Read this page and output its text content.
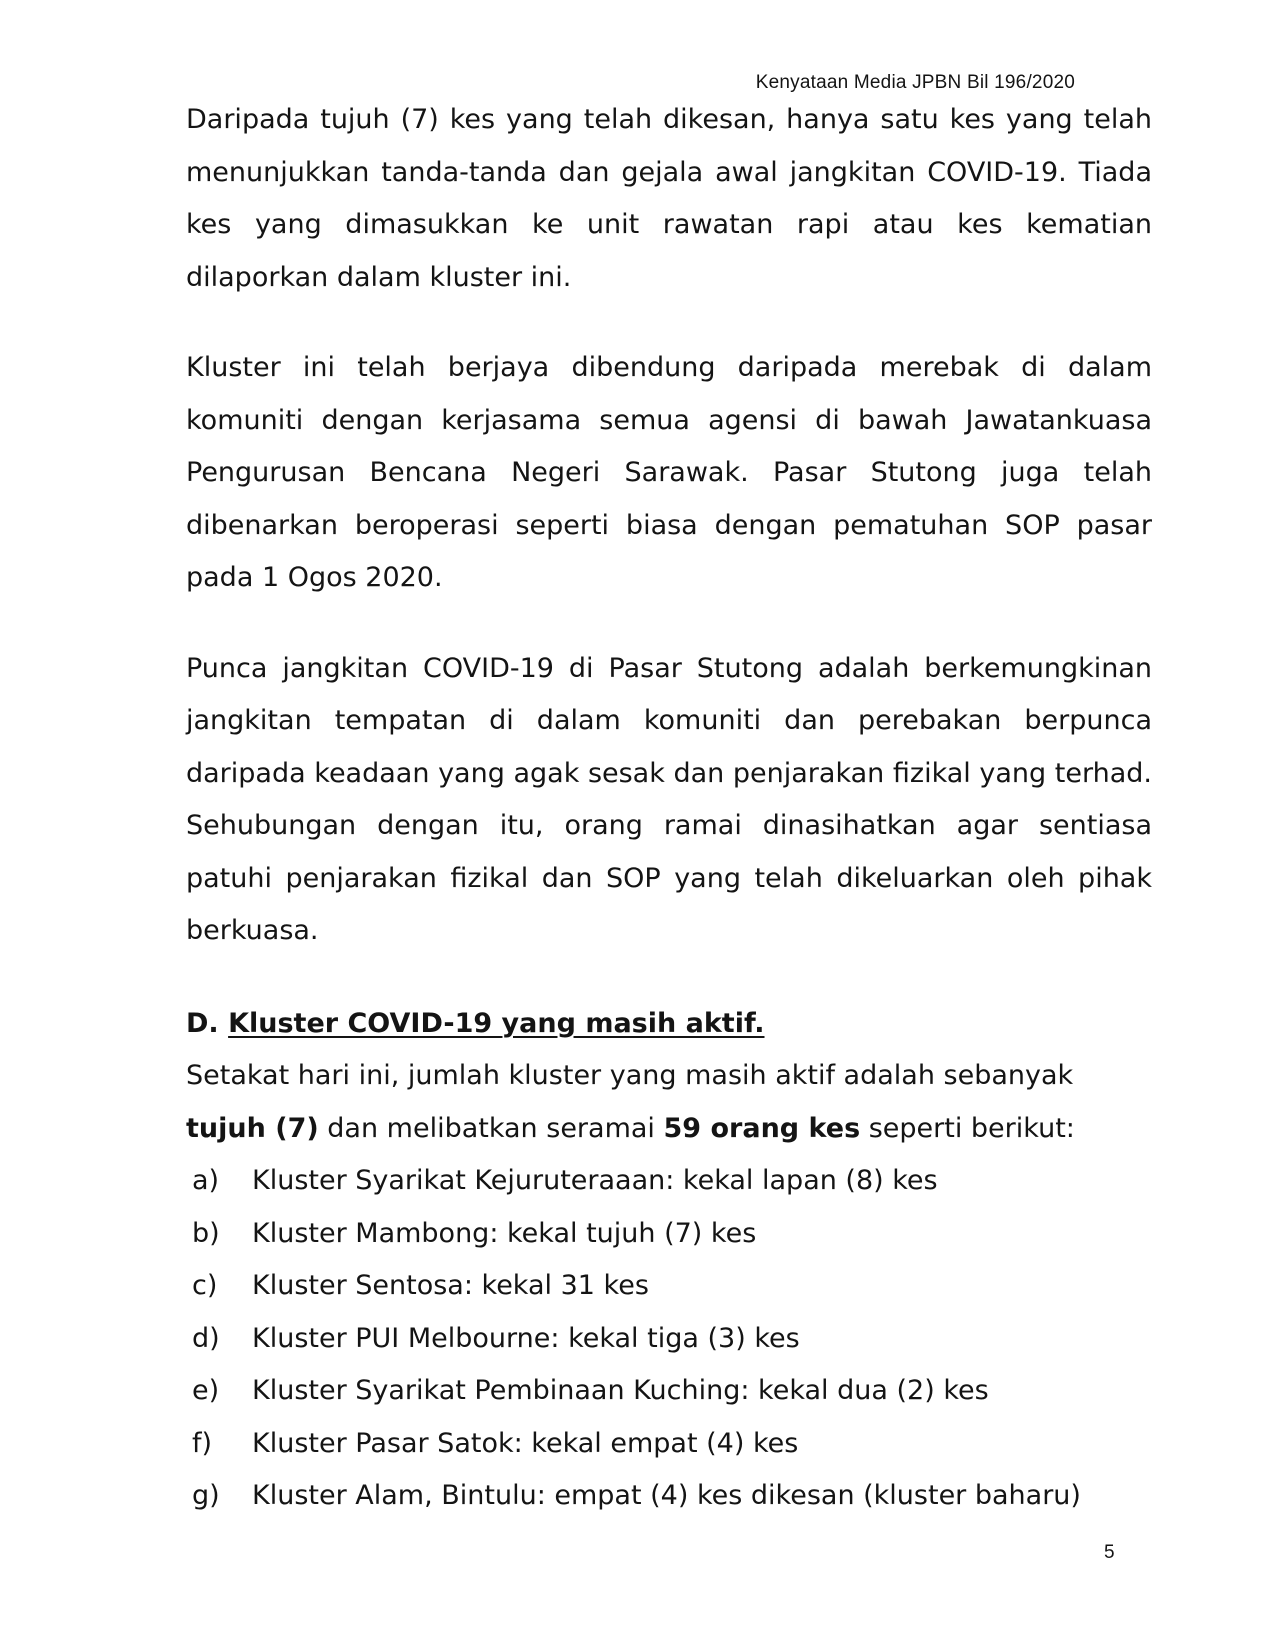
Kenyataan Media JPBN Bil 196/2020

Daripada tujuh (7) kes yang telah dikesan, hanya satu kes yang telah menunjukkan tanda-tanda dan gejala awal jangkitan COVID-19. Tiada kes yang dimasukkan ke unit rawatan rapi atau kes kematian dilaporkan dalam kluster ini.

Kluster ini telah berjaya dibendung daripada merebak di dalam komuniti dengan kerjasama semua agensi di bawah Jawatankuasa Pengurusan Bencana Negeri Sarawak. Pasar Stutong juga telah dibenarkan beroperasi seperti biasa dengan pematuhan SOP pasar pada 1 Ogos 2020.

Punca jangkitan COVID-19 di Pasar Stutong adalah berkemungkinan jangkitan tempatan di dalam komuniti dan perebakan berpunca daripada keadaan yang agak sesak dan penjarakan fizikal yang terhad. Sehubungan dengan itu, orang ramai dinasihatkan agar sentiasa patuhi penjarakan fizikal dan SOP yang telah dikeluarkan oleh pihak berkuasa.

D. Kluster COVID-19 yang masih aktif.

Setakat hari ini, jumlah kluster yang masih aktif adalah sebanyak tujuh (7) dan melibatkan seramai 59 orang kes seperti berikut:

a)	Kluster Syarikat Kejuruteraaan: kekal lapan (8) kes
b)	Kluster Mambong: kekal tujuh (7) kes
c)	Kluster Sentosa: kekal 31 kes
d)	Kluster PUI Melbourne: kekal tiga (3) kes
e)	Kluster Syarikat Pembinaan Kuching: kekal dua (2) kes
f)	Kluster Pasar Satok: kekal empat (4) kes
g)	Kluster Alam, Bintulu: empat (4) kes dikesan (kluster baharu)
5
